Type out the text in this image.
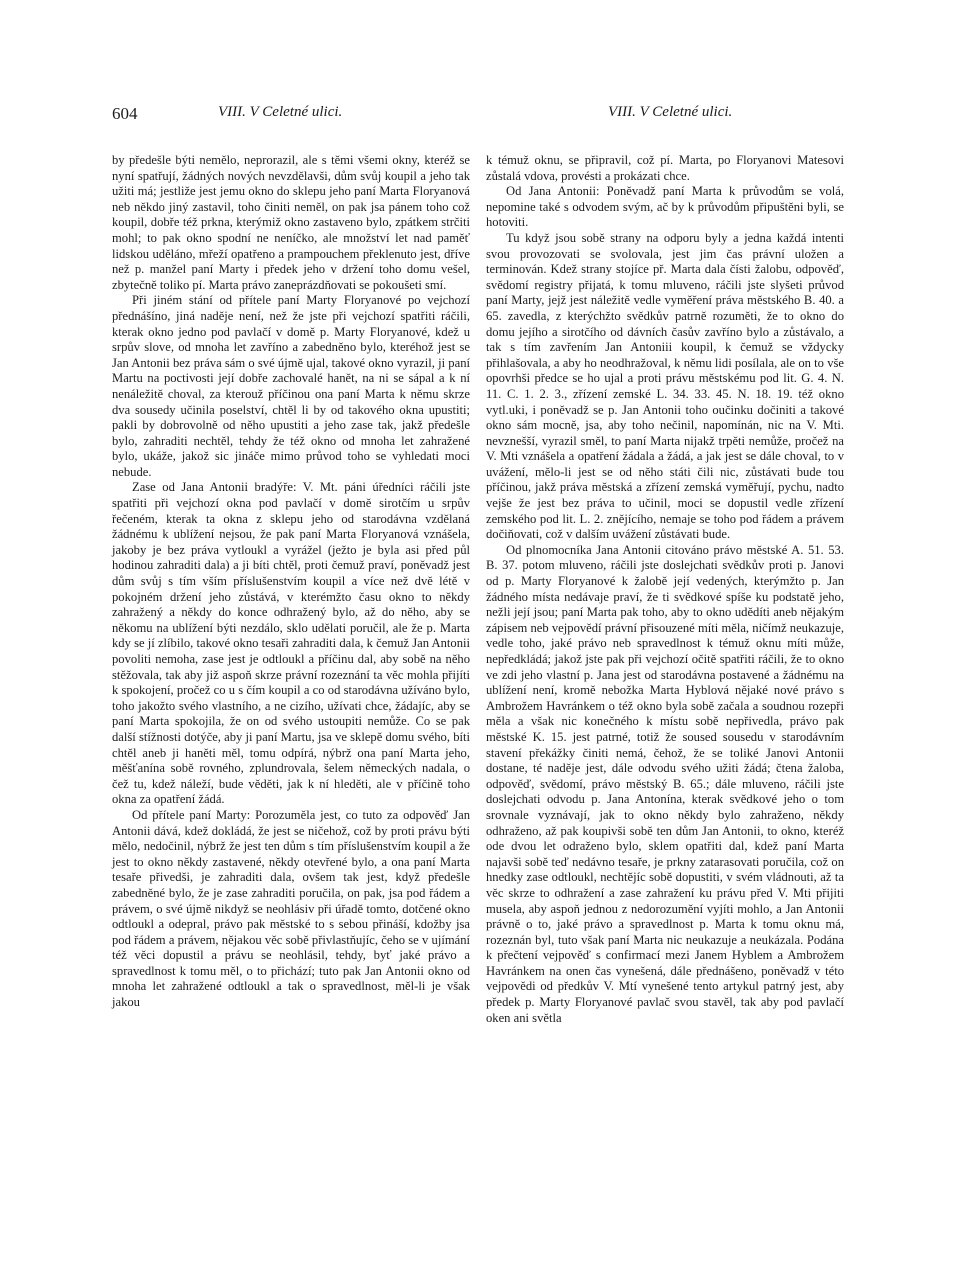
604	VIII. V Celetné ulici.	VIII. V Celetné ulici.

by předešle býti nemělo, neprorazil, ale s těmi všemi okny, kteréž se nyní spatřují, žádných nových nevzdělavši, dům svůj koupil a jeho tak užiti má; jestliže jest jemu okno do sklepu jeho paní Marta Floryanová neb někdo jiný zastavil, toho činiti neměl, on pak jsa pánem toho což koupil, dobře též prkna, kterýmiž okno zastaveno bylo, zpátkem strčiti mohl; to pak okno spodní ne neníčko, ale množství let nad paměť lidskou uděláno, mřeží opatřeno a prampouchem překlenuto jest, dříve než p. manžel paní Marty i předek jeho v držení toho domu vešel, zbytečně toliko pí. Marta právo zaneprázdňovati se pokoušeti smí.

Při jiném stání od přítele paní Marty Floryanové po vejchozí přednášíno, jiná naděje není, než že jste při vejchozí spatřiti ráčili, kterak okno jedno pod pavlačí v domě p. Marty Floryanové, kdež u srpův slove, od mnoha let zavříno a zabedněno bylo, kteréhož jest se Jan Antonii bez práva sám o své újmě ujal, takové okno vyrazil, ji paní Martu na poctivosti její dobře zachovalé hanět, na ni se sápal a k ní nenáležitě choval, za kterouž příčinou ona paní Marta k němu skrze dva sousedy učinila poselství, chtěl li by od takového okna upustiti; pakli by dobrovolně od něho upustiti a jeho zase tak, jakž předešle bylo, zahraditi nechtěl, tehdy že též okno od mnoha let zahražené bylo, ukáže, jakož sic jináče mimo průvod toho se vyhledati moci nebude.

Zase od Jana Antonii bradýře: V. Mt. páni úředníci ráčili jste spatřiti při vejchozí okna pod pavlačí v domě sirotčím u srpův řečeném, kterak ta okna z sklepu jeho od starodávna vzdělaná žádnému k ublížení nejsou, že pak paní Marta Floryanová vznášela, jakoby je bez práva vytloukl a vyrážel (ježto je byla asi před půl hodinou zahraditi dala) a ji bíti chtěl, proti čemuž praví, poněvadž jest dům svůj s tím vším příslušenstvím koupil a více než dvě létě v pokojném držení jeho zůstává, v kterémžto času okno to někdy zahražený a někdy do konce odhražený bylo, až do něho, aby se někomu na ublížení býti nezdálo, sklo udělati poručil, ale že p. Marta kdy se jí zlíbilo, takové okno tesaři zahraditi dala, k čemuž Jan Antonii povoliti nemoha, zase jest je odtloukl a příčinu dal, aby sobě na něho stěžovala, tak aby již aspoň skrze právní rozeznání ta věc mohla přijíti k spokojení, pročež co u s čím koupil a co od starodávna užíváno bylo, toho jakožto svého vlastního, a ne cizího, užívati chce, žádajíc, aby se paní Marta spokojila, že on od svého ustoupiti nemůže. Co se pak další stížnosti dotýče, aby ji paní Martu, jsa ve sklepě domu svého, bíti chtěl aneb ji haněti měl, tomu odpírá, nýbrž ona paní Marta jeho, měšťanína sobě rovného, zplundrovala, šelem německých nadala, o čež tu, kdež náleží, bude věděti, jak k ní hleděti, ale v příčině toho okna za opatření žádá.

Od přítele paní Marty: Porozuměla jest, co tuto za odpověď Jan Antonii dává, kdež dokládá, že jest se ničehož, což by proti právu býti mělo, nedočinil, nýbrž že jest ten dům s tím příslušenstvím koupil a že jest to okno někdy zastavené, někdy otevřené bylo, a ona paní Marta tesaře přivedši, je zahraditi dala, ovšem tak jest, když předešle zabedněné bylo, že je zase zahraditi poručila, on pak, jsa pod řádem a právem, o své újmě nikdyž se neohlásiv při úřadě tomto, dotčené okno odtloukl a odepral, právo pak městské to s sebou přináší, kdožby jsa pod řádem a právem, nějakou věc sobě přivlastňujíc, čeho se v ujímání též věci dopustil a právu se neohlásil, tehdy, byť jaké právo a spravedlnost k tomu měl, o to přichází; tuto pak Jan Antonii okno od mnoha let zahražené odtloukl a tak o spravedlnost, měl-li je však jakou

k témuž oknu, se připravil, což pí. Marta, po Floryanovi Matesovi zůstalá vdova, provésti a prokázati chce.

Od Jana Antonii: Poněvadž paní Marta k průvodům se volá, nepomine také s odvodem svým, ač by k průvodům připuštěni byli, se hotoviti.

Tu když jsou sobě strany na odporu byly a jedna každá intenti svou provozovati se svolovala, jest jim čas právní uložen a terminován. Kdež strany stojíce př. Marta dala čísti žalobu, odpověď, svědomí registry přijatá, k tomu mluveno, ráčili jste slyšeti průvod paní Marty, jejž jest náležitě vedle vyměření práva městského B. 40. a 65. zavedla, z kterýchžto svědkův patrně rozuměti, že to okno do domu jejího a sirotčího od dávních časův zavříno bylo a zůstávalo, a tak s tím zavřením Jan Antoniii koupil, k čemuž se vždycky přihlašovala, a aby ho neodhražoval, k němu lidi posílala, ale on to vše opovrhši předce se ho ujal a proti právu městskému pod lit. G. 4. N. 11. C. 1. 2. 3., zřízení zemské L. 34. 33. 45. N. 18. 19. též okno vytl.uki, i poněvadž se p. Jan Antonii toho oučinku dočiniti a takové okno sám mocně, jsa, aby toho nečinil, napomínán, nic na V. Mti. nevznešší, vyrazil směl, to paní Marta nijakž trpěti nemůže, pročež na V. Mti vznášela a opatření žádala a žádá, a jak jest se dále choval, to v uvážení, mělo-li jest se od něho státi čili nic, zůstávati bude tou příčinou, jakž práva městská a zřízení zemská vyměřují, pychu, nadto vejše že jest bez práva to učinil, moci se dopustil vedle zřízení zemského pod lit. L. 2. znějícího, nemaje se toho pod řádem a právem dočiňovati, což v dalším uvážení zůstávati bude.

Od plnomocníka Jana Antonii citováno právo městské A. 51. 53. B. 37. potom mluveno, ráčili jste doslejchati svědkův proti p. Janovi od p. Marty Floryanové k žalobě její vedených, kterýmžto p. Jan žádného místa nedávaje praví, že ti svědkové spíše ku podstatě jeho, nežli její jsou; paní Marta pak toho, aby to okno udědíti aneb nějakým zápisem neb vejpovědí právní přisouzené míti měla, ničímž neukazuje, vedle toho, jaké právo neb spravedlnost k témuž oknu míti může, nepředkládá; jakož jste pak při vejchozí očitě spatřiti ráčili, že to okno ve zdi jeho vlastní p. Jana jest od starodávna postavené a žádnému na ublížení není, kromě nebožka Marta Hyblová nějaké nové právo s Ambrožem Havránkem o též okno byla sobě začala a soudnou rozepři měla a však nic konečného k místu sobě nepřivedla, právo pak městské K. 15. jest patrné, totiž že soused sousedu v starodávním stavení překážky činiti nemá, čehož, že se toliké Janovi Antonii dostane, té naděje jest, dále odvodu svého užiti žádá; čtena žaloba, odpověď, svědomí, právo městský B. 65.; dále mluveno, ráčili jste doslejchati odvodu p. Jana Antonína, kterak svědkové jeho o tom srovnale vyznávají, jak to okno někdy bylo zahraženo, někdy odhraženo, až pak koupivši sobě ten dům Jan Antonii, to okno, kteréž ode dvou let odraženo bylo, sklem opatřiti dal, kdež paní Marta najavši sobě teď nedávno tesaře, je prkny zatarasovati poručila, což on hnedky zase odtloukl, nechtějíc sobě dopustiti, v svém vládnouti, až ta věc skrze to odhražení a zase zahražení ku právu před V. Mti přijiti musela, aby aspoň jednou z nedorozumění vyjíti mohlo, a Jan Antonii právně o to, jaké právo a spravedlnost p. Marta k tomu oknu má, rozeznán byl, tuto však paní Marta nic neukazuje a neukázala. Podána k přečtení vejpověď s confirmací mezi Janem Hyblem a Ambrožem Havránkem na onen čas vynešená, dále přednášeno, poněvadž v této vejpovědi od předkův V. Mtí vynešené tento artykul patrný jest, aby předek p. Marty Floryanové pavlač svou stavěl, tak aby pod pavlačí oken ani světla
